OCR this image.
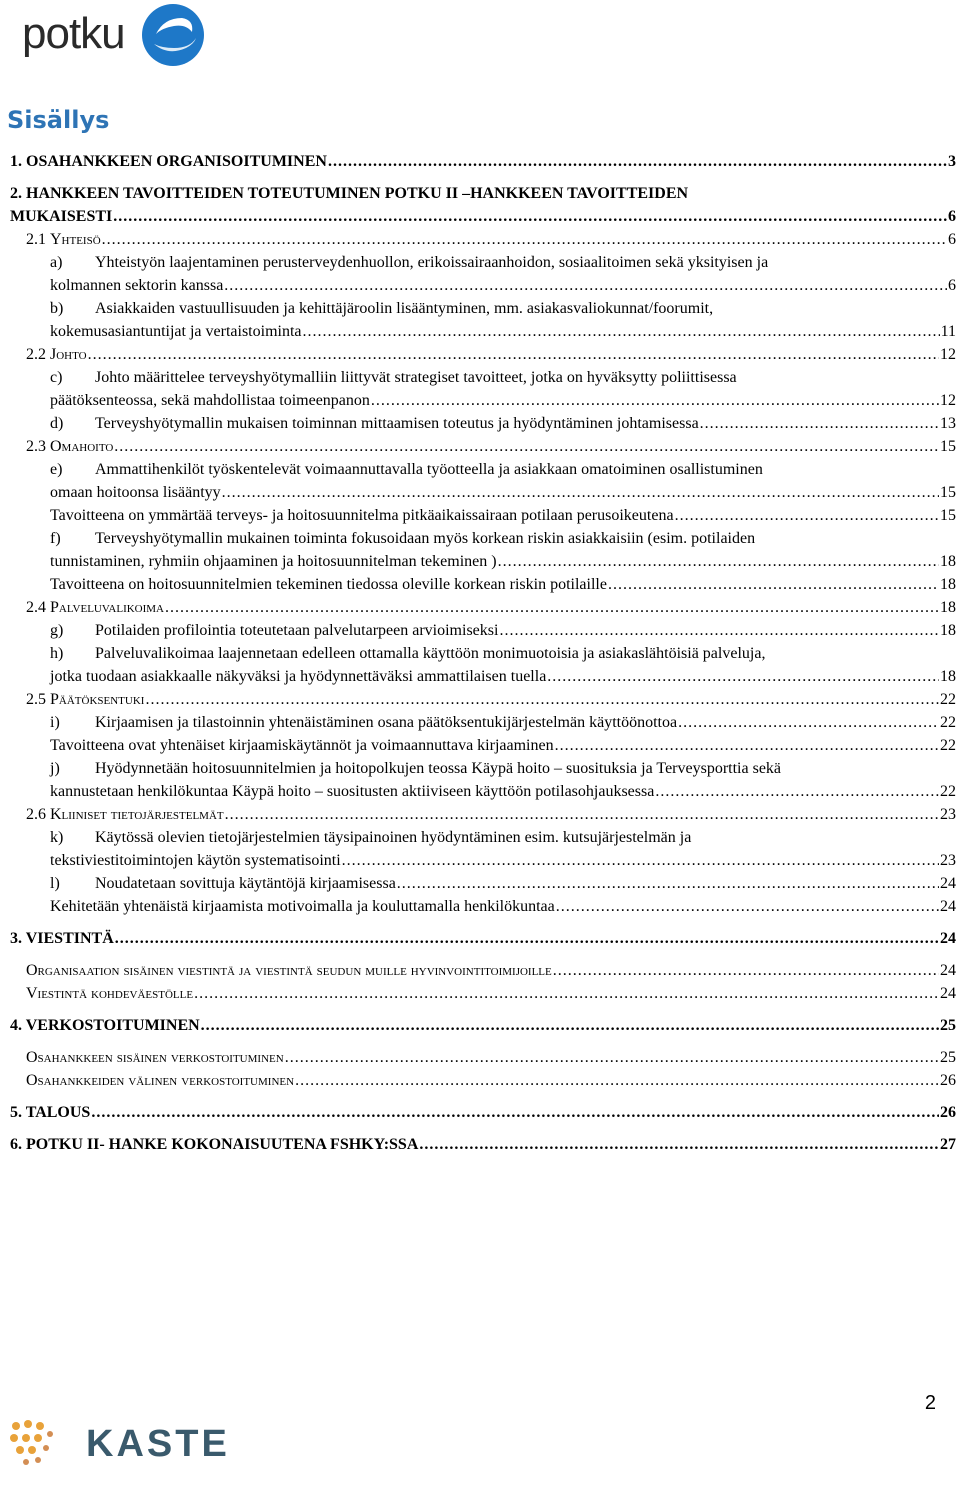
potku
Sisällys
1. OSAHANKKEEN ORGANISOITUMINEN .....	3
2. HANKKEEN TAVOITTEIDEN TOTEUTUMINEN POTKU II –HANKKEEN TAVOITTEIDEN
MUKAISESTI .....	6
2.1 Yhteisö .....	6
a) Yhteistyön laajentaminen perusterveydenhuollon, erikoissairaanhoidon, sosiaalitoimen sekä yksityisen ja
kolmannen sektorin kanssa .....	6
b) Asiakkaiden vastuullisuuden ja kehittäjäroolin lisääntyminen, mm. asiakasvaliokunnat/foorumit,
kokemusasiantuntijat ja vertaistoiminta .....	11
2.2 Johto .....	12
c) Johto määrittelee terveyshyötymalliin liittyvät strategiset tavoitteet, jotka on hyväksytty poliittisessa
päätöksenteossa, sekä mahdollistaa toimeenpanon .....	12
d) Terveyshyötymallin mukaisen toiminnan mittaamisen toteutus ja hyödyntäminen johtamisessa .....	13
2.3 Omahoito .....	15
e) Ammattihenkilöt työskentelevät voimaannuttavalla työotteella ja asiakkaan omatoiminen osallistuminen
omaan hoitoonsa lisääntyy .....	15
Tavoitteena on ymmärtää terveys- ja hoitosuunnitelma pitkäaikaissairaan potilaan perusoikeutena .....	15
f) Terveyshyötymallin mukainen toiminta fokusoidaan myös korkean riskin asiakkaisiin (esim. potilaiden
tunnistaminen, ryhmiin ohjaaminen ja hoitosuunnitelman tekeminen ) .....	18
Tavoitteena on hoitosuunnitelmien tekeminen tiedossa oleville korkean riskin potilaille .....	18
2.4 Palveluvalikoima .....	18
g) Potilaiden profilointia toteutetaan palvelutarpeen arvioimiseksi .....	18
h) Palveluvalikoimaa laajennetaan edelleen ottamalla käyttöön monimuotoisia ja asiakaslähtöisiä palveluja,
jotka tuodaan asiakkaalle näkyväksi ja hyödynnettäväksi ammattilaisen tuella .....	18
2.5 Päätöksentuki .....	22
i) Kirjaamisen ja tilastoinnin yhtenäistäminen osana päätöksentukijärjestelmän käyttöönottoa .....	22
Tavoitteena ovat yhtenäiset kirjaamiskäytännöt ja voimaannuttava kirjaaminen .....	22
j) Hyödynnetään hoitosuunnitelmien ja hoitopolkujen teossa Käypä hoito – suosituksia ja Terveysporttia sekä
kannustetaan henkilökuntaa Käypä hoito – suositusten aktiiviseen käyttöön potilasohjauksessa .....	22
2.6 Kliiniset tietojärjestelmät .....	23
k) Käytössä olevien tietojärjestelmien täysipainoinen hyödyntäminen esim. kutsujärjestelmän ja
tekstiviestitoimintojen käytön systematisointi .....	23
l) Noudatetaan sovittuja käytäntöjä kirjaamisessa .....	24
Kehitetään yhtenäistä kirjaamista motivoimalla ja kouluttamalla henkilökuntaa .....	24
3. VIESTINTÄ .....	24
Organisaation sisäinen viestintä ja viestintä seudun muille hyvinvointitoimijoille .....	24
Viestintä kohdeväestölle .....	24
4. VERKOSTOITUMINEN .....	25
Osahankkeen sisäinen verkostoituminen .....	25
Osahankkeiden välinen verkostoituminen .....	26
5. TALOUS .....	26
6. POTKU II- HANKE KOKONAISUUTENA FSHKY:SSA .....	27
2
KASTE
